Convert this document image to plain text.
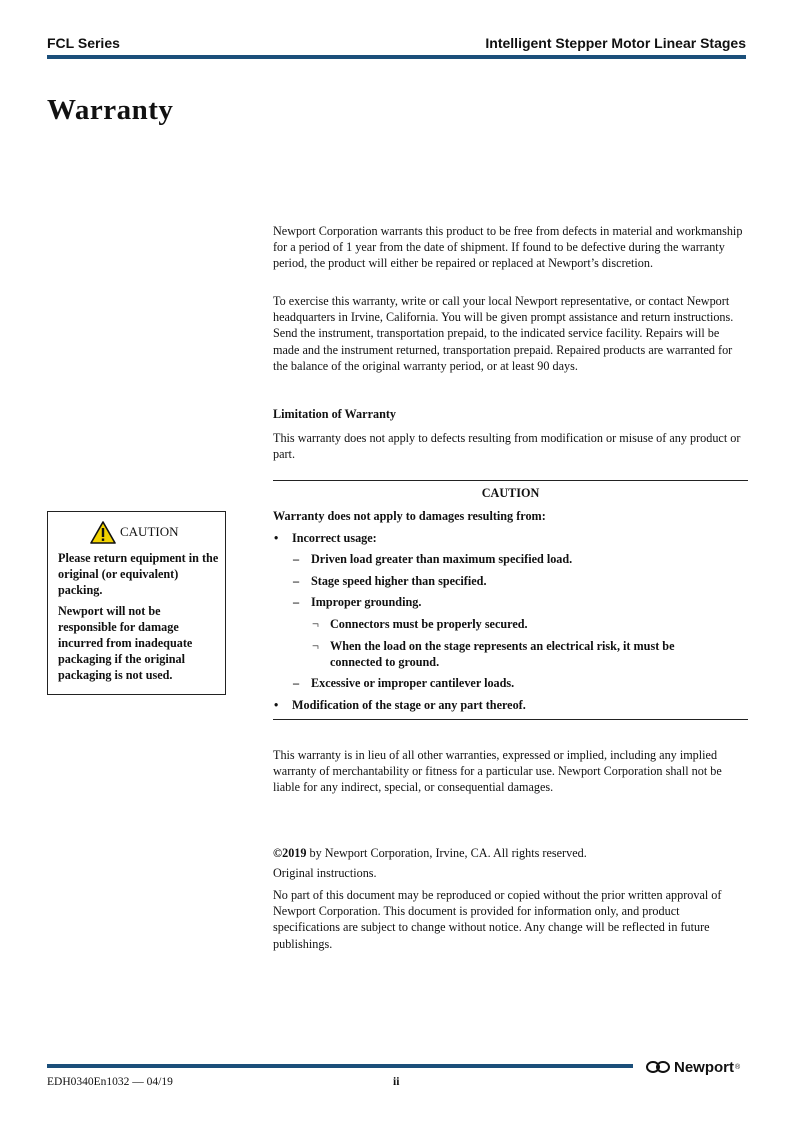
FCL Series	Intelligent Stepper Motor Linear Stages
Warranty

Newport Corporation warrants this product to be free from defects in material and workmanship for a period of 1 year from the date of shipment. If found to be defective during the warranty period, the product will either be repaired or replaced at Newport’s discretion.

To exercise this warranty, write or call your local Newport representative, or contact Newport headquarters in Irvine, California. You will be given prompt assistance and return instructions. Send the instrument, transportation prepaid, to the indicated service facility. Repairs will be made and the instrument returned, transportation prepaid. Repaired products are warranted for the balance of the original warranty period, or at least 90 days.

Limitation of Warranty

This warranty does not apply to defects resulting from modification or misuse of any product or part.

CAUTION
Warranty does not apply to damages resulting from:
• Incorrect usage:
– Driven load greater than maximum specified load.
– Stage speed higher than specified.
– Improper grounding.
¬ Connectors must be properly secured.
¬ When the load on the stage represents an electrical risk, it must be
connected to ground.
– Excessive or improper cantilever loads.
• Modification of the stage or any part thereof.
CAUTION
Please return equipment in the original (or equivalent) packing.
Newport will not be responsible for damage incurred from inadequate packaging if the original packaging is not used.

This warranty is in lieu of all other warranties, expressed or implied, including any implied warranty of merchantability or fitness for a particular use. Newport Corporation shall not be liable for any indirect, special, or consequential damages.

©2019 by Newport Corporation, Irvine, CA. All rights reserved.

Original instructions.

No part of this document may be reproduced or copied without the prior written approval of Newport Corporation. This document is provided for information only, and product specifications are subject to change without notice. Any change will be reflected in future publishings.

Newport ®
EDH0340En1032 — 04/19	ii
